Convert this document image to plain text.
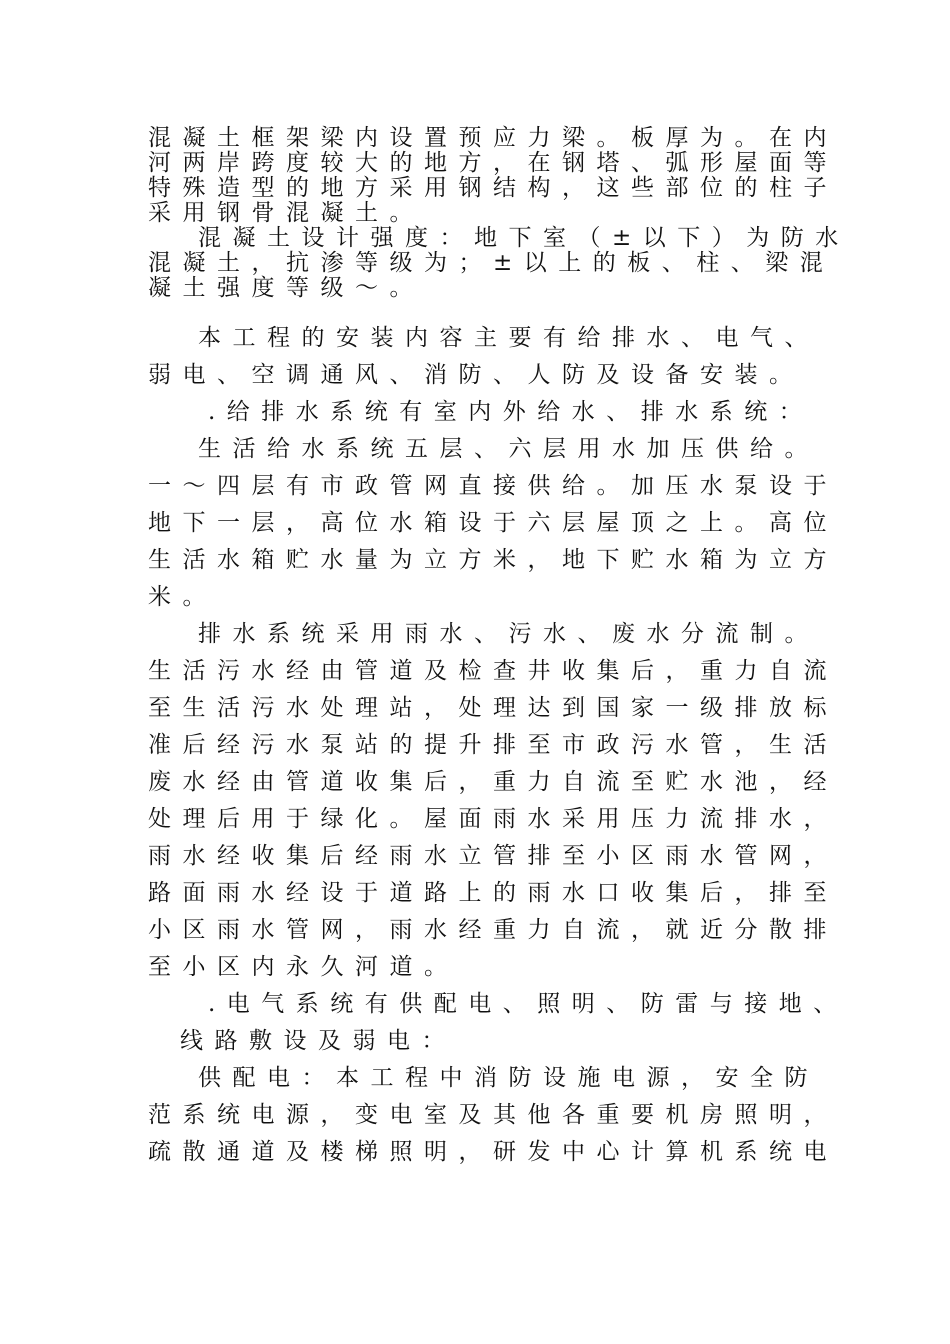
混凝土框架梁内设置预应力梁。板厚为。在内

河两岸跨度较大的地方，在钢塔、弧形屋面等

特殊造型的地方采用钢结构，这些部位的柱子

采用钢骨混凝土。

混凝土设计强度：地下室（±以下）为防水

混凝土，抗渗等级为；±以上的板、柱、梁混

凝土强度等级～。

本工程的安装内容主要有给排水、电气、

弱电、空调通风、消防、人防及设备安装。

.给排水系统有室内外给水、排水系统：

生活给水系统五层、六层用水加压供给。

一～四层有市政管网直接供给。加压水泵设于

地下一层，高位水箱设于六层屋顶之上。高位

生活水箱贮水量为立方米，地下贮水箱为立方

米。

排水系统采用雨水、污水、废水分流制。

生活污水经由管道及检查井收集后，重力自流

至生活污水处理站，处理达到国家一级排放标

准后经污水泵站的提升排至市政污水管，生活

废水经由管道收集后，重力自流至贮水池，经

处理后用于绿化。屋面雨水采用压力流排水，

雨水经收集后经雨水立管排至小区雨水管网，

路面雨水经设于道路上的雨水口收集后，排至

小区雨水管网，雨水经重力自流，就近分散排

至小区内永久河道。

.电气系统有供配电、照明、防雷与接地、

线路敷设及弱电：

供配电：本工程中消防设施电源，安全防

范系统电源，变电室及其他各重要机房照明，

疏散通道及楼梯照明，研发中心计算机系统电
